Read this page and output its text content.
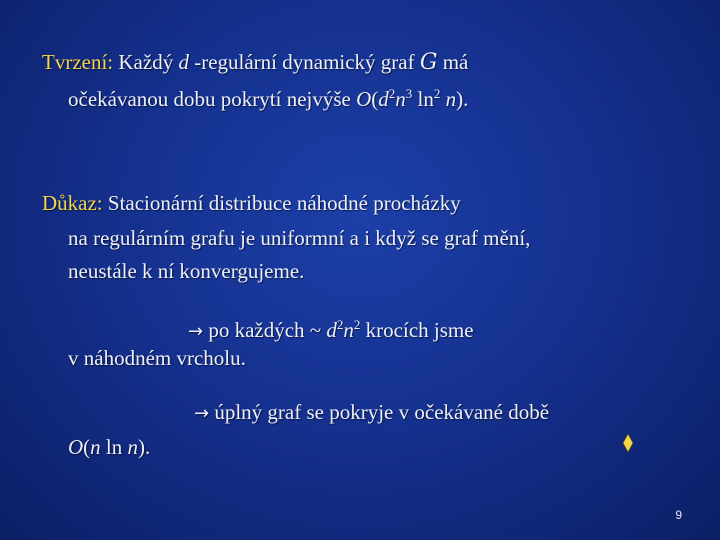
Tvrzení: Každý d -regulární dynamický graf G má
očekávanou dobu pokrytí nejvýše $O(d^2n^3$ $\ln^2 n$).
Důkaz: Stacionární distribuce náhodné procházky
na regulárním grafu je uniformní a i když se graf mění,
neustále k ní konvergujeme.
→ po každých ~ $d^2n^2$ krocích jsme
v náhodném vrcholu.
→ úplný graf se pokryje v očekávané době
O(n ln n).
9
